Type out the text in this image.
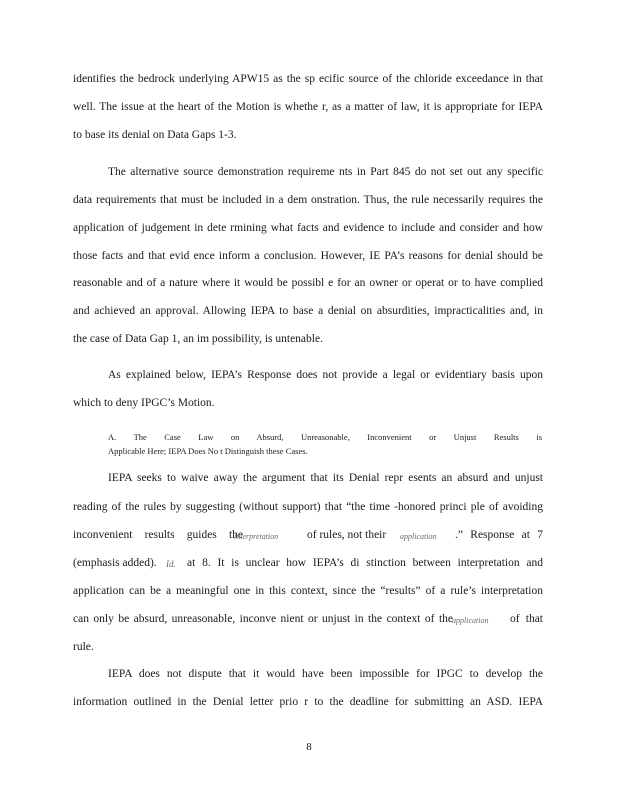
identifies the bedrock underlying APW15 as the sp ecific source of the chloride exceedance in that
well. The issue at the heart of the Motion is whethe r, as a matter of law, it is appropriate for IEPA
to base its denial on Data Gaps 1-3.
The alternative source demonstration requireme nts in Part 845 do not set out any specific
data requirements that must be included in a dem onstration. Thus, the rule necessarily requires the
application of judgement in dete rmining what facts and evidence to include and consider and how
those facts and that evid ence inform a conclusion. However, IE PA’s reasons for denial should be
reasonable and of a nature where it would be possibl e for an owner or operat or to have complied
and achieved an approval. Allowing IEPA to base a denial on absurdities, impracticalities and, in
the case of Data Gap 1, an im possibility, is untenable.
As explained below, IEPA’s Response does not provide a legal or evidentiary basis upon
which to deny IPGC’s Motion.
A. The Case Law on Absurd, Unreasonable, Inconvenient or Unjust Results is
Applicable Here; IEPA Does No t Distinguish these Cases.
IEPA seeks to waive away the argument that its Denial repr esents an absurd and unjust
reading of the rules by suggesting (without support) that “the time -honored princi ple of avoiding
inconvenient results guides the
interpretation	of rules, not their	application	.” Response at 7
(emphasis added). Id. at 8. It is unclear how IEPA’s di stinction between interpretation and
application can be a meaningful one in this context, since the “results” of a rule’s interpretation
can only be absurd, unreasonable, inconve nient or unjust in the context of the application	of that
rule.
IEPA does not dispute that it would have been impossible for IPGC to develop the
information outlined in the Denial letter prio r to the deadline for submitting an ASD. IEPA
8
